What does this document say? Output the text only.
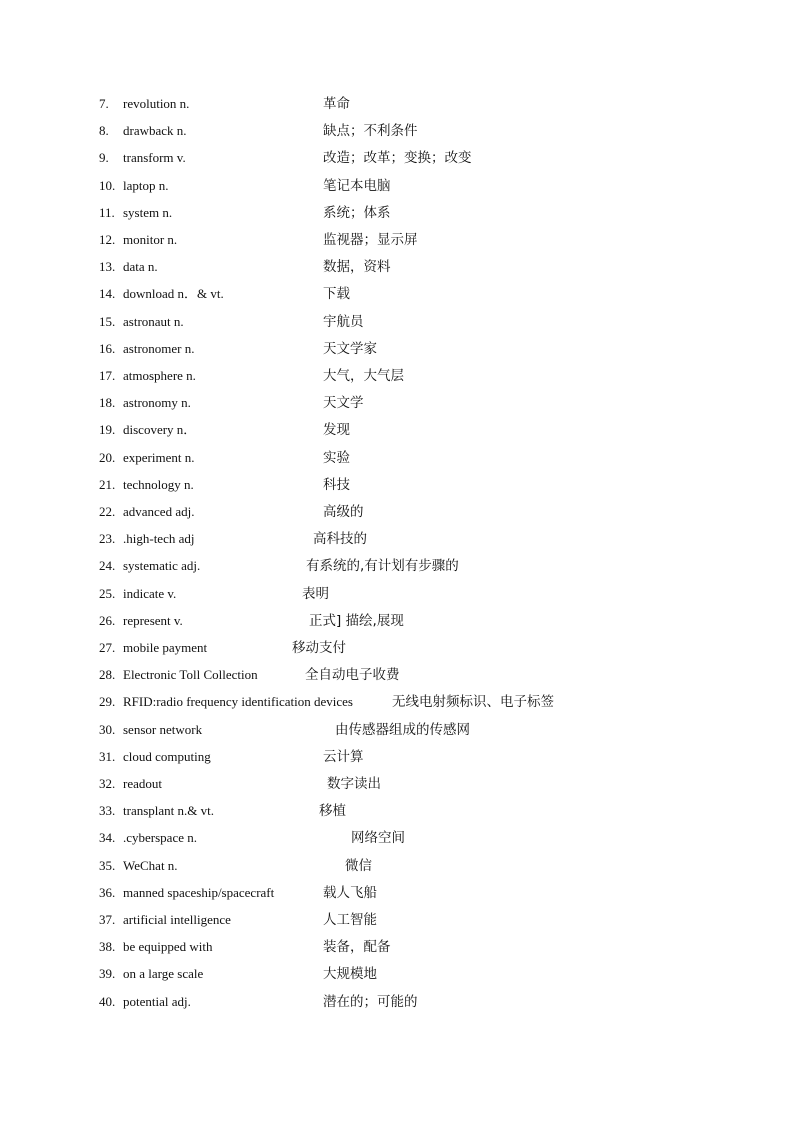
7. revolution n.	革命
8. drawback n.	缺点；不利条件
9. transform v.	改造；改革；变换；改变
10. laptop n.	笔记本电脑
11. system n.	系统；体系
12. monitor n.	监视器；显示屏
13. data n.	数据，资料
14. download n．& vt.	下载
15. astronaut n.	宇航员
16. astronomer n.	天文学家
17. atmosphere n.	大气，大气层
18. astronomy n.	天文学
19. discovery n．	发现
20. experiment n.	实验
21. technology n.	科技
22. advanced adj.	高级的
23. .high-tech adj	高科技的
24. systematic adj.	有系统的,有计划有步骤的
25. indicate v.	表明
26. represent v.	正式] 描绘,展现
27. mobile payment	移动支付
28. Electronic Toll Collection	全自动电子收费
29. RFID:radio frequency identification devices	无线电射频标识、电子标签
30. sensor network	由传感器组成的传感网
31. cloud computing	云计算
32. readout	数字读出
33. transplant n.& vt.	移植
34. .cyberspace n.	网络空间
35. WeChat n.	微信
36. manned spaceship/spacecraft	载人飞船
37. artificial intelligence	人工智能
38. be equipped with	装备，配备
39. on a large scale	大规模地
40. potential adj.	潜在的；可能的
